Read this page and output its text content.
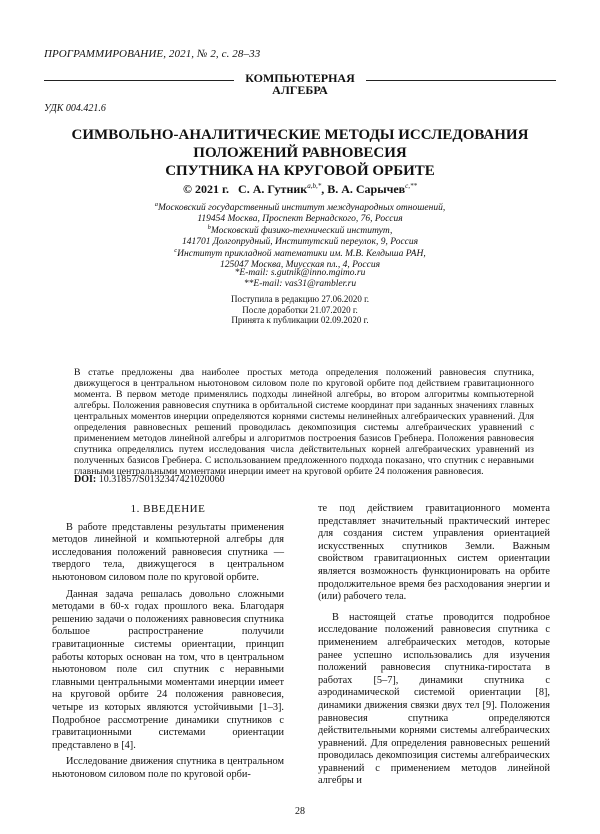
ПРОГРАММИРОВАНИЕ, 2021, № 2, с. 28–33
КОМПЬЮТЕРНАЯ
АЛГЕБРА
УДК 004.421.6
СИМВОЛЬНО-АНАЛИТИЧЕСКИЕ МЕТОДЫ ИССЛЕДОВАНИЯ
ПОЛОЖЕНИЙ РАВНОВЕСИЯ
СПУТНИКА НА КРУГОВОЙ ОРБИТЕ
© 2021 г. С. А. Гутник$^{a,b,*}$, В. А. Сарычев$^{c,**}$
$^a$Московский государственный институт международных отношений,
119454 Москва, Проспект Вернадского, 76, Россия
$^b$Московский физико-технический институт,
141701 Долгопрудный, Институтский переулок, 9, Россия
$^c$Институт прикладной математики им. М.В. Келдыша РАН,
125047 Москва, Миусская пл., 4, Россия
*E-mail: s.gutnik@inno.mgimo.ru
**E-mail: vas31@rambler.ru
Поступила в редакцию 27.06.2020 г.
После доработки 21.07.2020 г.
Принята к публикации 02.09.2020 г.
В статье предложены два наиболее простых метода определения положений равновесия спутника, движущегося в центральном ньютоновом силовом поле по круговой орбите под действием гравитационного момента. В первом методе применялись подходы линейной алгебры, во втором алгоритмы компьютерной алгебры. Положения равновесия спутника в орбитальной системе координат при заданных значениях главных центральных моментов инерции определяются корнями системы нелинейных алгебраических уравнений. Для определения равновесных решений проводилась декомпозиция системы алгебраических уравнений с применением методов линейной алгебры и алгоритмов построения базисов Гребнера. Положения равновесия спутника определялись путем исследования числа действительных корней алгебраических уравнений из полученных базисов Гребнера. С использованием предложенного подхода показано, что спутник с неравными главными центральными моментами инерции имеет на круговой орбите 24 положения равновесия.
DOI: 10.31857/S0132347421020060
1. ВВЕДЕНИЕ

В работе представлены результаты применения методов линейной и компьютерной алгебры для исследования положений равновесия спутника — твердого тела, движущегося в центральном ньютоновом силовом поле по круговой орбите.

Данная задача решалась довольно сложными методами в 60-х годах прошлого века. Благодаря решению задачи о положениях равновесия спутника большое распространение получили гравитационные системы ориентации, принцип работы которых основан на том, что в центральном ньютоновом поле сил спутник с неравными главными центральными моментами инерции имеет на круговой орбите 24 положения равновесия, четыре из которых являются устойчивыми [1–3]. Подробное рассмотрение динамики спутников с гравитационными системами ориентации представлено в [4].

Исследование движения спутника в центральном ньютоновом силовом поле по круговой орби-

те под действием гравитационного момента представляет значительный практический интерес для создания систем управления ориентацией искусственных спутников Земли. Важным свойством гравитационных систем ориентации является возможность функционировать на орбите продолжительное время без расходования энергии и (или) рабочего тела.

В настоящей статье проводится подробное исследование положений равновесия спутника с применением алгебраических методов, которые ранее успешно использовались для изучения положений равновесия спутника-гиростата в работах [5–7], динамики спутника с аэродинамической системой ориентации [8], динамики движения связки двух тел [9]. Положения равновесия спутника определяются действительными корнями системы алгебраических уравнений. Для определения равновесных решений проводилась декомпозиция системы алгебраических уравнений с применением методов линейной алгебры и

28
